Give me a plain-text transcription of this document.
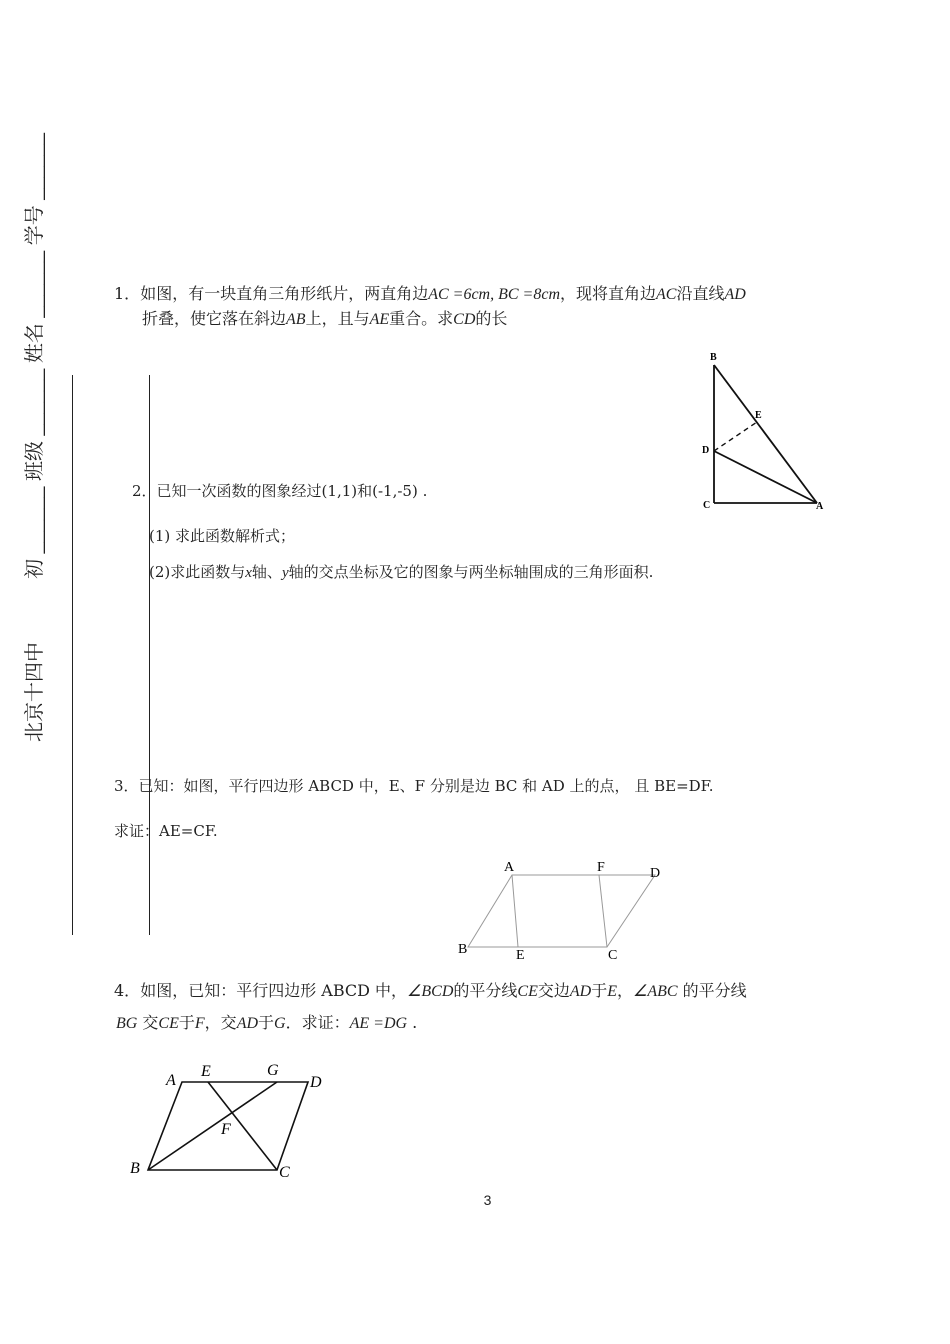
北京十四中  初 ______ 班级 ______ 姓名 ______ 学号 ______
1．如图，有一块直角三角形纸片，两直角边AC =6cm, BC =8cm，现将直角边AC沿直线AD
折叠，使它落在斜边AB上，且与AE重合。求CD的长
B
E
D
C	A
2．已知一次函数的图象经过(1,1)和(-1,-5) .
(1) 求此函数解析式；
(2)求此函数与x轴、y轴的交点坐标及它的图象与两坐标轴围成的三角形面积.
3．已知：如图，平行四边形 ABCD 中，E、F 分别是边 BC 和 AD 上的点， 且 BE=DF.
求证：AE=CF.
A	F	D
B	E	C
4．如图，已知：平行四边形 ABCD 中，∠BCD的平分线CE交边AD于E，∠ABC 的平分线
BG 交CE于F，交AD于G．求证：AE =DG .
A
E	G
D
F
B	C
3
